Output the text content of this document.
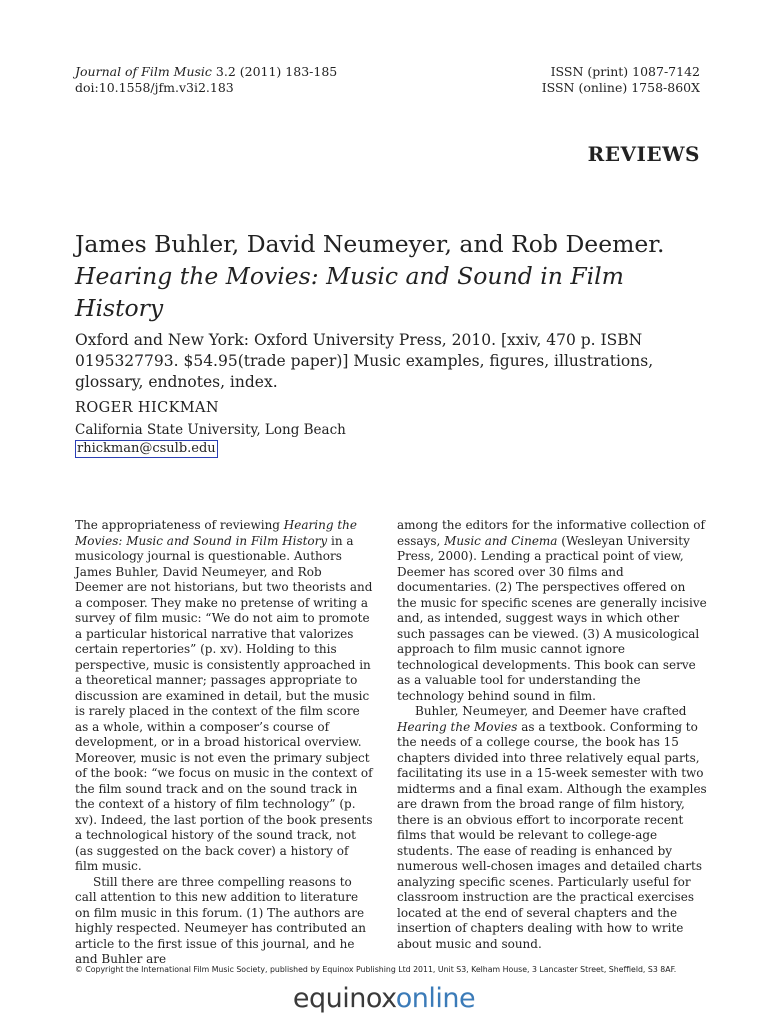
Journal of Film Music 3.2 (2011) 183-185
doi:10.1558/jfm.v3i2.183
ISSN (print) 1087-7142
ISSN (online) 1758-860X
REVIEWS
James Buhler, David Neumeyer, and Rob Deemer.
Hearing the Movies: Music and Sound in Film History
Oxford and New York: Oxford University Press, 2010. [xxiv, 470 p. ISBN 0195327793. $54.95(trade paper)] Music examples, figures, illustrations, glossary, endnotes, index.
ROGER HICKMAN
California State University, Long Beach
rhickman@csulb.edu

The appropriateness of reviewing Hearing the Movies: Music and Sound in Film History in a musicology journal is questionable. Authors James Buhler, David Neumeyer, and Rob Deemer are not historians, but two theorists and a composer. They make no pretense of writing a survey of film music: “We do not aim to promote a particular historical narrative that valorizes certain repertories” (p. xv). Holding to this perspective, music is consistently approached in a theoretical manner; passages appropriate to discussion are examined in detail, but the music is rarely placed in the context of the film score as a whole, within a composer’s course of development, or in a broad historical overview. Moreover, music is not even the primary subject of the book: “we focus on music in the context of the film sound track and on the sound track in the context of a history of film technology” (p. xv). Indeed, the last portion of the book presents a technological history of the sound track, not (as suggested on the back cover) a history of film music.

Still there are three compelling reasons to call attention to this new addition to literature on film music in this forum. (1) The authors are highly respected. Neumeyer has contributed an article to the first issue of this journal, and he and Buhler are

among the editors for the informative collection of essays, Music and Cinema (Wesleyan University Press, 2000). Lending a practical point of view, Deemer has scored over 30 films and documentaries. (2) The perspectives offered on the music for specific scenes are generally incisive and, as intended, suggest ways in which other such passages can be viewed. (3) A musicological approach to film music cannot ignore technological developments. This book can serve as a valuable tool for understanding the technology behind sound in film.

Buhler, Neumeyer, and Deemer have crafted Hearing the Movies as a textbook. Conforming to the needs of a college course, the book has 15 chapters divided into three relatively equal parts, facilitating its use in a 15-week semester with two midterms and a final exam. Although the examples are drawn from the broad range of film history, there is an obvious effort to incorporate recent films that would be relevant to college-age students. The ease of reading is enhanced by numerous well-chosen images and detailed charts analyzing specific scenes. Particularly useful for classroom instruction are the practical exercises located at the end of several chapters and the insertion of chapters dealing with how to write about music and sound.

© Copyright the International Film Music Society, published by Equinox Publishing Ltd 2011, Unit S3, Kelham House, 3 Lancaster Street, Sheffield, S3 8AF.
equinoxonline
